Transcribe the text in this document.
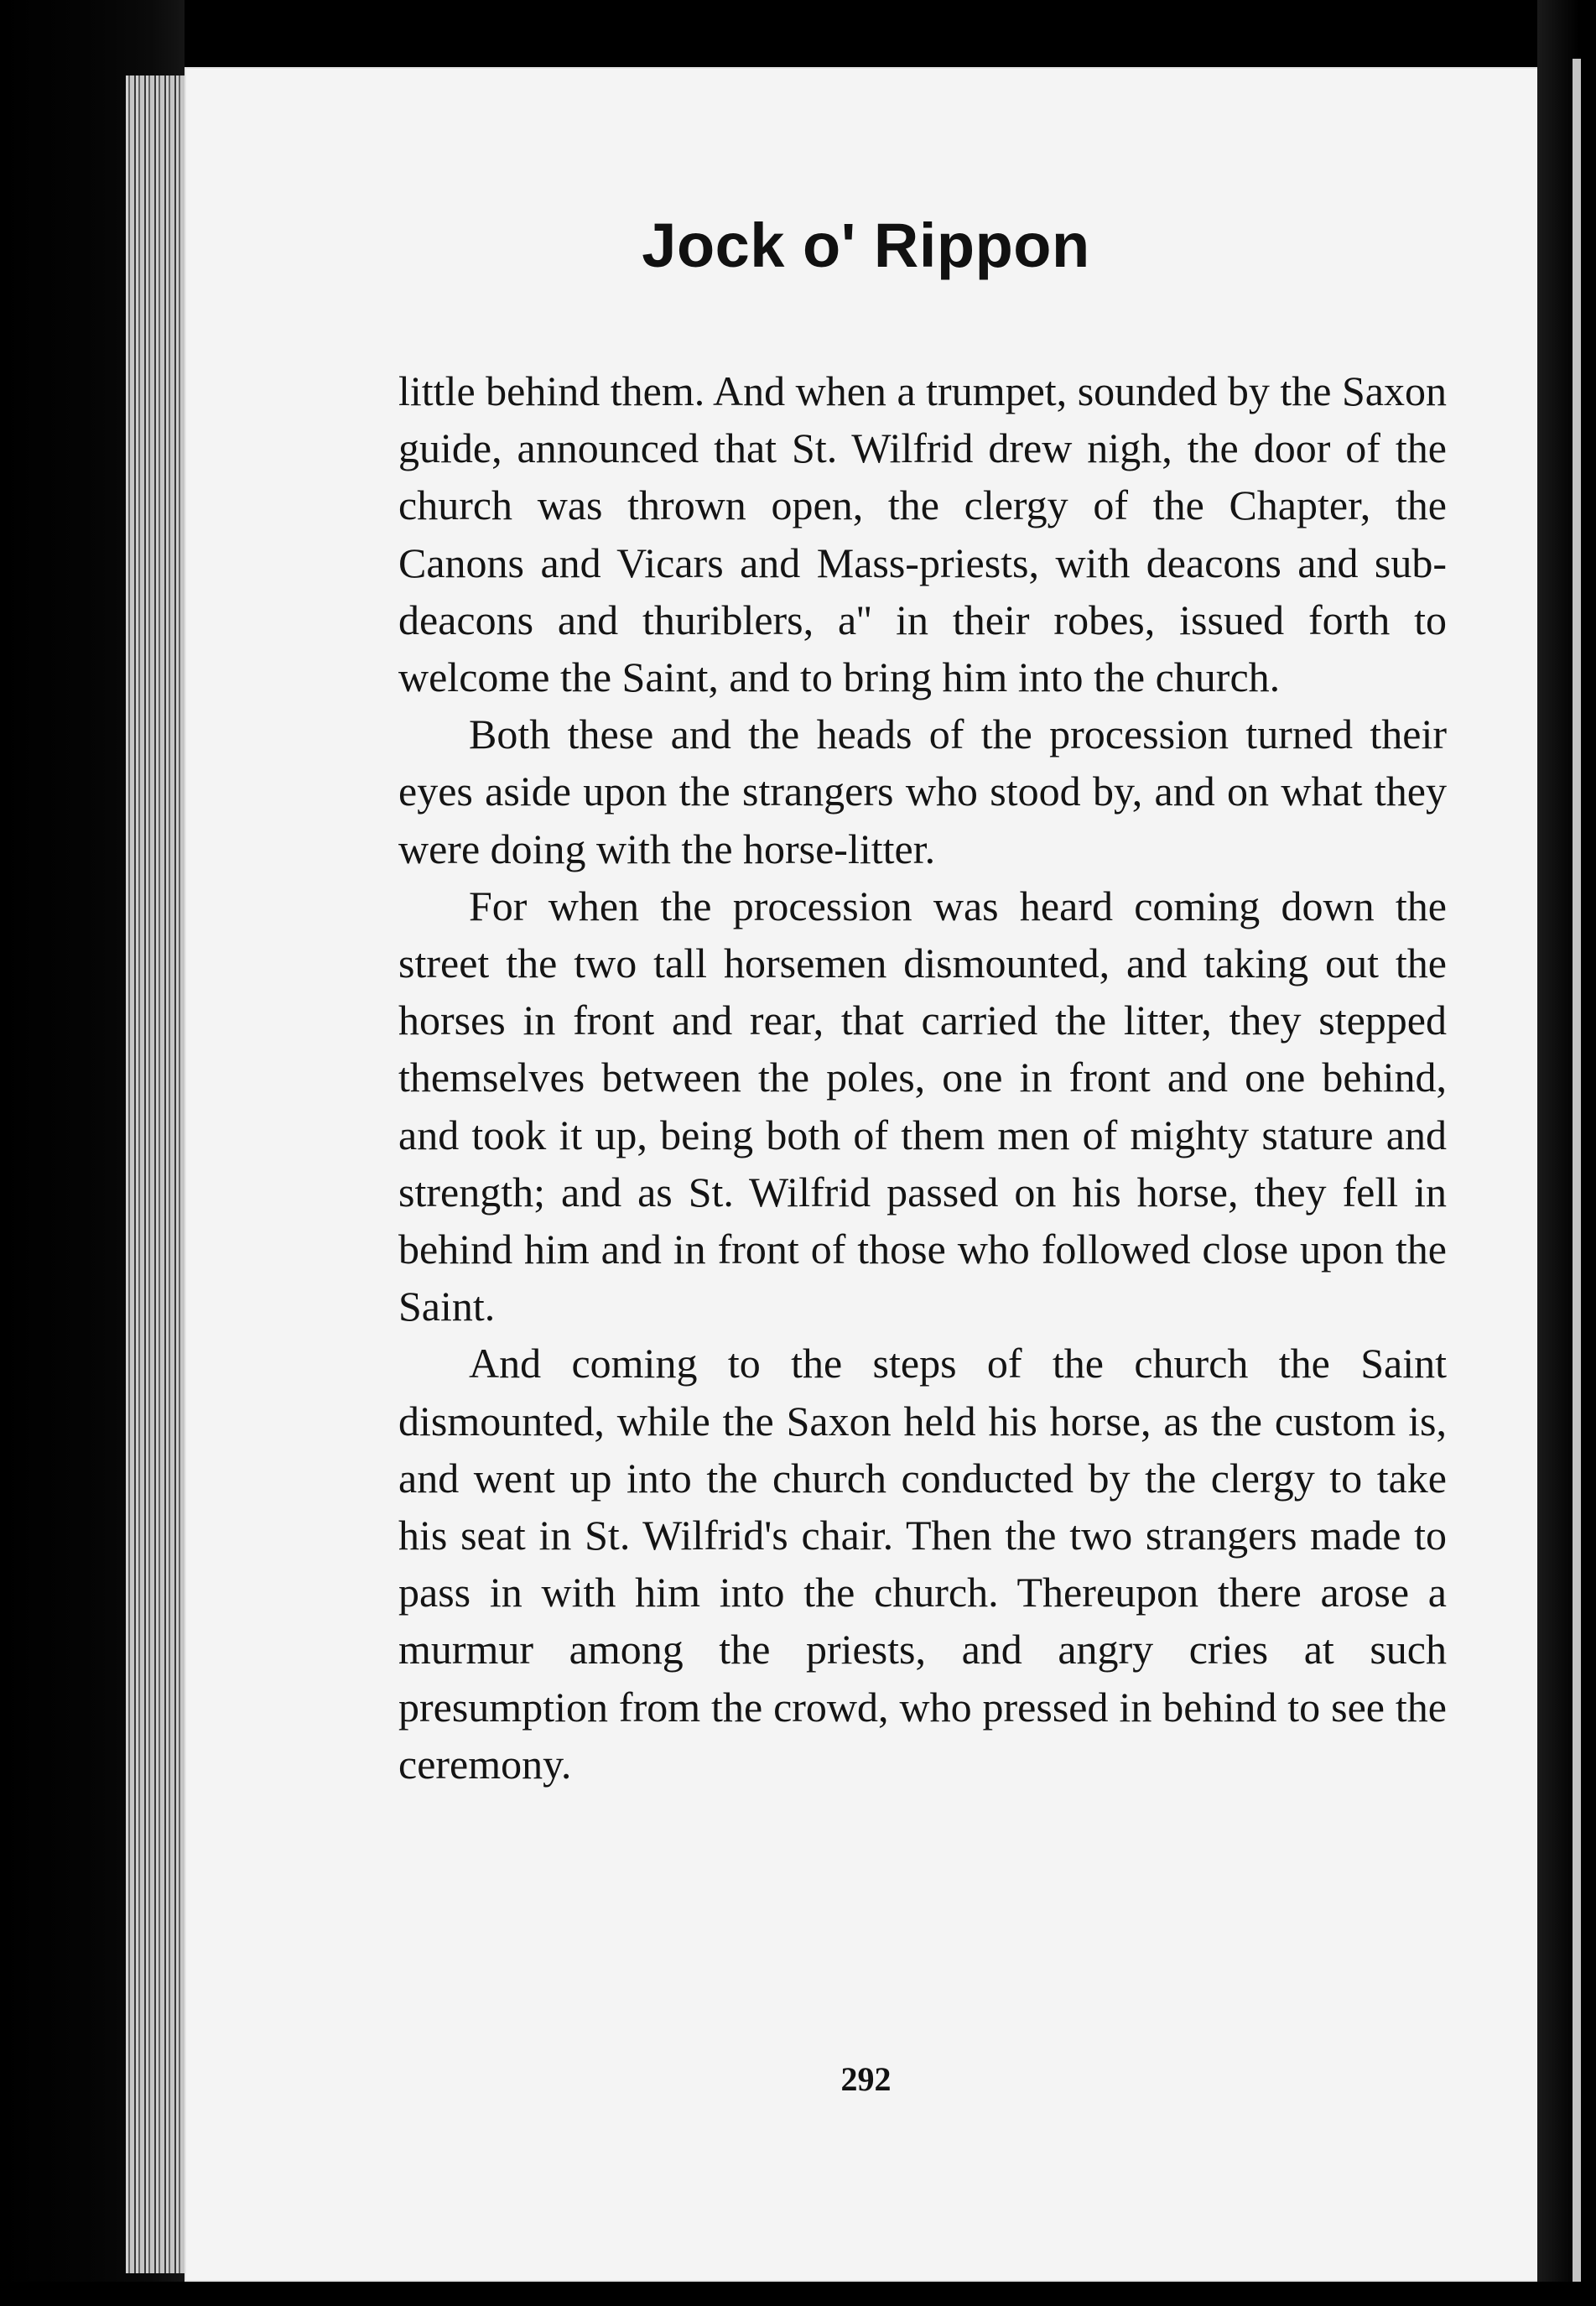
Jock o' Rippon

little behind them. And when a trumpet, sounded by the Saxon guide, announced that St. Wilfrid drew nigh, the door of the church was thrown open, the clergy of the Chapter, the Canons and Vicars and Mass-priests, with deacons and sub-deacons and thuriblers, a'' in their robes, issued forth to welcome the Saint, and to bring him into the church.

Both these and the heads of the procession turned their eyes aside upon the strangers who stood by, and on what they were doing with the horse-litter.

For when the procession was heard coming down the street the two tall horsemen dismounted, and taking out the horses in front and rear, that carried the litter, they stepped themselves between the poles, one in front and one behind, and took it up, being both of them men of mighty stature and strength; and as St. Wilfrid passed on his horse, they fell in behind him and in front of those who followed close upon the Saint.

And coming to the steps of the church the Saint dismounted, while the Saxon held his horse, as the custom is, and went up into the church conducted by the clergy to take his seat in St. Wilfrid's chair. Then the two strangers made to pass in with him into the church. Thereupon there arose a murmur among the priests, and angry cries at such presumption from the crowd, who pressed in behind to see the ceremony.

292
